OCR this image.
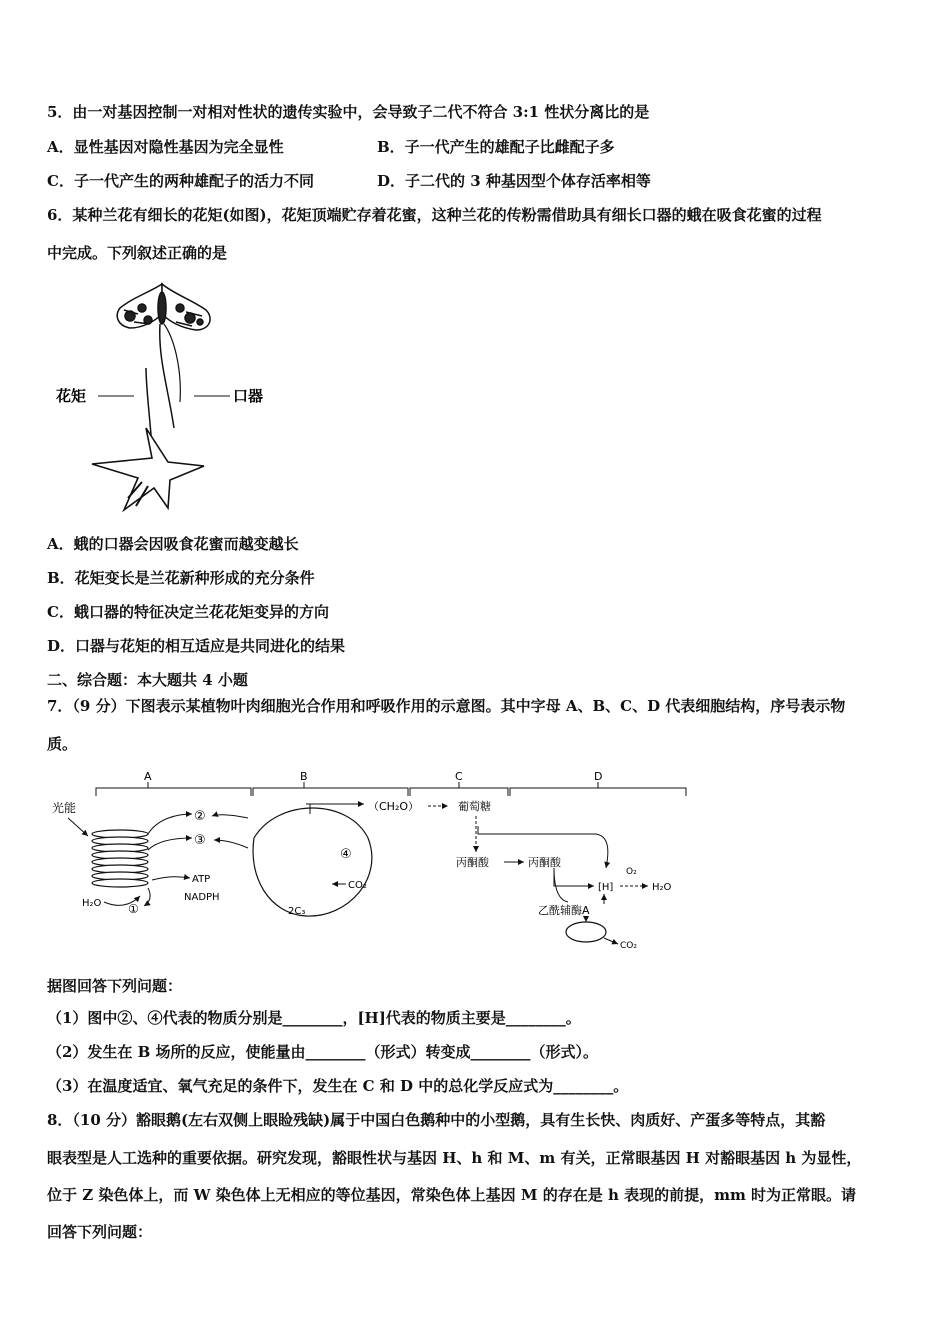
5．由一对基因控制一对相对性状的遗传实验中，会导致子二代不符合 3:1 性状分离比的是
A．显性基因对隐性基因为完全显性	B．子一代产生的雄配子比雌配子多
C．子一代产生的两种雄配子的活力不同	D．子二代的 3 种基因型个体存活率相等
6．某种兰花有细长的花矩(如图)，花矩顶端贮存着花蜜，这种兰花的传粉需借助具有细长口器的蛾在吸食花蜜的过程
中完成。下列叙述正确的是
花矩	口器
A．蛾的口器会因吸食花蜜而越变越长
B．花矩变长是兰花新种形成的充分条件
C．蛾口器的特征决定兰花花矩变异的方向
D．口器与花矩的相互适应是共同进化的结果
二、综合题：本大题共 4 小题
7．（9 分）下图表示某植物叶肉细胞光合作用和呼吸作用的示意图。其中字母 A、B、C、D 代表细胞结构，序号表示物
质。
A	B	C	D
光能
H₂O ①
②
③
ATP
NADPH
④
CO₂
2C₃
（CH₂O）	葡萄糖
丙酮酸	丙酮酸
[H]
O₂
H₂O
乙酰辅酶A
CO₂
据图回答下列问题：
（1）图中②、④代表的物质分别是________，[H]代表的物质主要是________。
（2）发生在 B 场所的反应，使能量由________（形式）转变成________（形式）。
（3）在温度适宜、氧气充足的条件下，发生在 C 和 D 中的总化学反应式为________。
8．（10 分）豁眼鹅(左右双侧上眼睑残缺)属于中国白色鹅种中的小型鹅，具有生长快、肉质好、产蛋多等特点，其豁
眼表型是人工选种的重要依据。研究发现，豁眼性状与基因 H、h 和 M、m 有关，正常眼基因 H 对豁眼基因 h 为显性，
位于 Z 染色体上，而 W 染色体上无相应的等位基因，常染色体上基因 M 的存在是 h 表现的前提，mm 时为正常眼。请
回答下列问题：
